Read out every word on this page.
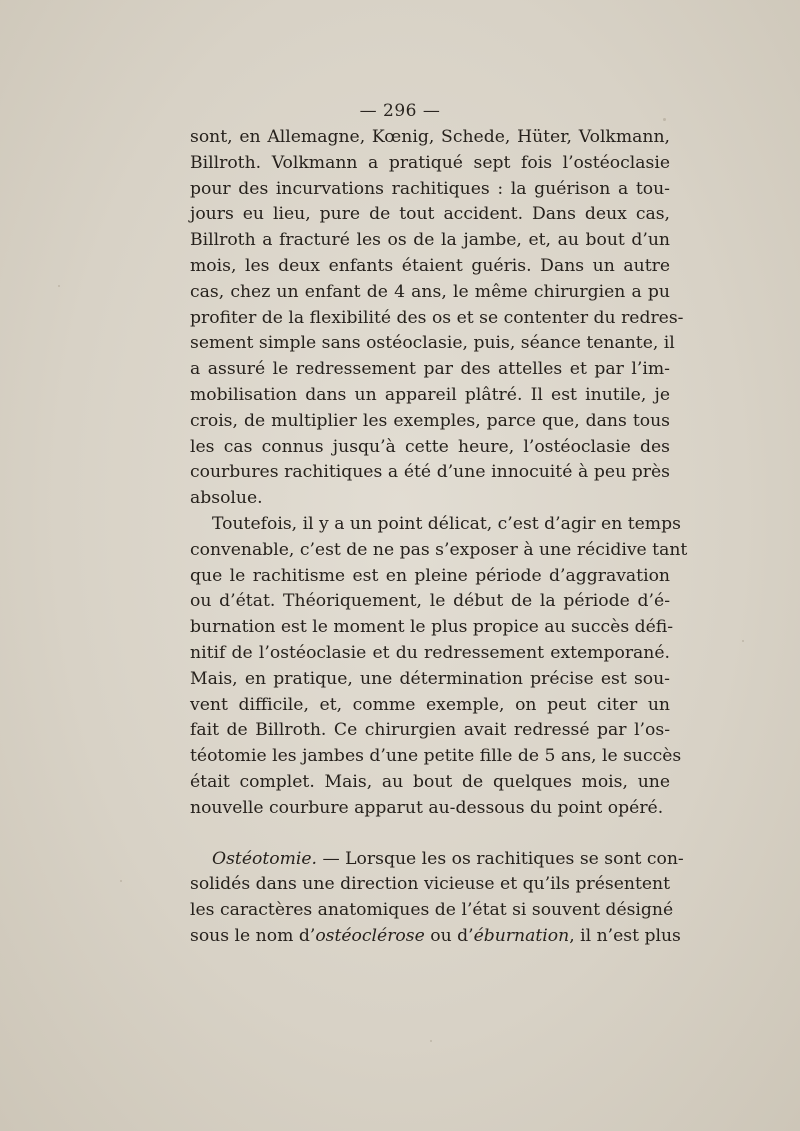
— 296 —
sont, en Allemagne, Kœnig, Schede, Hüter, Volkmann,
Billroth. Volkmann a pratiqué sept fois l’ostéoclasie
pour des incurvations rachitiques : la guérison a tou-
jours eu lieu, pure de tout accident. Dans deux cas,
Billroth a fracturé les os de la jambe, et, au bout d’un
mois, les deux enfants étaient guéris. Dans un autre
cas, chez un enfant de 4 ans, le même chirurgien a pu
profiter de la flexibilité des os et se contenter du redres-
sement simple sans ostéoclasie, puis, séance tenante, il
a assuré le redressement par des attelles et par l’im-
mobilisation dans un appareil plâtré. Il est inutile, je
crois, de multiplier les exemples, parce que, dans tous
les cas connus jusqu’à cette heure, l’ostéoclasie des
courbures rachitiques a été d’une innocuité à peu près
absolue.
Toutefois, il y a un point délicat, c’est d’agir en temps
convenable, c’est de ne pas s’exposer à une récidive tant
que le rachitisme est en pleine période d’aggravation
ou d’état. Théoriquement, le début de la période d’é-
burnation est le moment le plus propice au succès défi-
nitif de l’ostéoclasie et du redressement extemporané.
Mais, en pratique, une détermination précise est sou-
vent difficile, et, comme exemple, on peut citer un
fait de Billroth. Ce chirurgien avait redressé par l’os-
téotomie les jambes d’une petite fille de 5 ans, le succès
était complet. Mais, au bout de quelques mois, une
nouvelle courbure apparut au-dessous du point opéré.
Ostéotomie. — Lorsque les os rachitiques se sont con-
solidés dans une direction vicieuse et qu’ils présentent
les caractères anatomiques de l’état si souvent désigné
sous le nom d’ostéoclérose ou d’éburnation, il n’est plus
